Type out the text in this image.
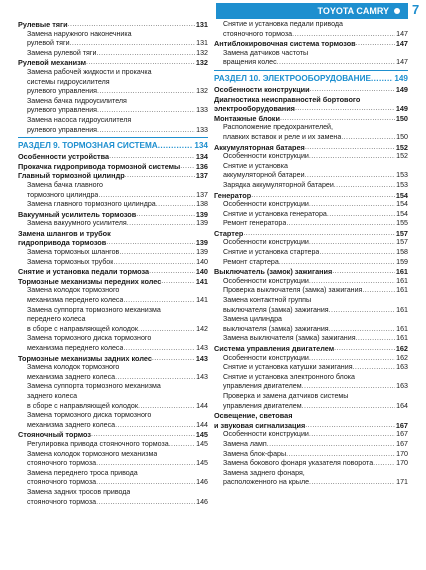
TOYOTA CAMRY 7
Рулевые тяги .....	131
Замена наружного наконечника
рулевой тяги .....	131
Замена рулевой тяги .....	132
Рулевой механизм .....	132
Замена рабочей жидкости и прокачка
системы гидроусилителя
рулевого управления .....	132
Замена бачка гидроусилителя
рулевого управления .....	133
Замена насоса гидроусилителя
рулевого управления .....	133
РАЗДЕЛ 9. ТОРМОЗНАЯ СИСТЕМА .....	134
Особенности устройства .....	134
Прокачка гидропривода тормозной системы ..... 136
Главный тормозной цилиндр .....	137
Замена бачка главного
тормозного цилиндра .....	137
Замена главного тормозного цилиндра .....	138
Вакуумный усилитель тормозов .....	139
Замена вакуумного усилителя .....	139
Замена шлангов и трубок
гидропривода тормозов .....	139
Замена тормозных шлангов .....	139
Замена тормозных трубок .....	140
Снятие и установка педали тормоза .....	140
Тормозные механизмы передних колес .....	141
Замена колодок тормозного
механизма переднего колеса .....	141
Замена суппорта тормозного механизма
переднего колеса
в сборе с направляющей колодок .....	142
Замена тормозного диска тормозного
механизма переднего колеса .....	143
Тормозные механизмы задних колес .....	143
Замена колодок тормозного
механизма заднего колеса .....	143
Замена суппорта тормозного механизма
заднего колеса
в сборе с направляющей колодок .....	144
Замена тормозного диска тормозного
механизма заднего колеса .....	144
Стояночный тормоз .....	145
Регулировка привода стояночного тормоза .....	145
Замена колодок тормозного механизма
стояночного тормоза .....	145
Замена переднего троса привода
стояночного тормоза .....	146
Замена задних тросов привода
стояночного тормоза .....	146
Снятие и установка педали привода
стояночного тормоза .....	147
Антиблокировочная система тормозов .....	147
Замена датчиков частоты
вращения колес .....	147
РАЗДЕЛ 10. ЭЛЕКТРООБОРУДОВАНИЕ .....	149
Особенности конструкции .....	149
Диагностика неисправностей бортового
электрооборудования .....	149
Монтажные блоки .....	150
Расположение предохранителей,
плавких вставок и реле и их замена .....	150
Аккумуляторная батарея .....	152
Особенности конструкции .....	152
Снятие и установка
аккумуляторной батареи .....	153
Зарядка аккумуляторной батареи .....	153
Генератор .....	154
Особенности конструкции .....	154
Снятие и установка генератора .....	154
Ремонт генератора .....	155
Стартер .....	157
Особенности конструкции .....	157
Снятие и установка стартера .....	158
Ремонт стартера .....	159
Выключатель (замок) зажигания .....	161
Особенности конструкции .....	161
Проверка выключателя (замка) зажигания .....	161
Замена контактной группы
выключателя (замка) зажигания .....	161
Замена цилиндра
выключателя (замка) зажигания .....	161
Замена выключателя (замка) зажигания .....	161
Система управления двигателем .....	162
Особенности конструкции .....	162
Снятие и установка катушки зажигания .....	163
Снятие и установка электронного блока
управления двигателем .....	163
Проверка и замена датчиков системы
управления двигателем .....	164
Освещение, световая
и звуковая сигнализация .....	167
Особенности конструкции .....	167
Замена ламп .....	167
Замена блок-фары .....	170
Замена бокового фонаря указателя поворота .....	170
Замена заднего фонаря,
расположенного на крыле .....	171
